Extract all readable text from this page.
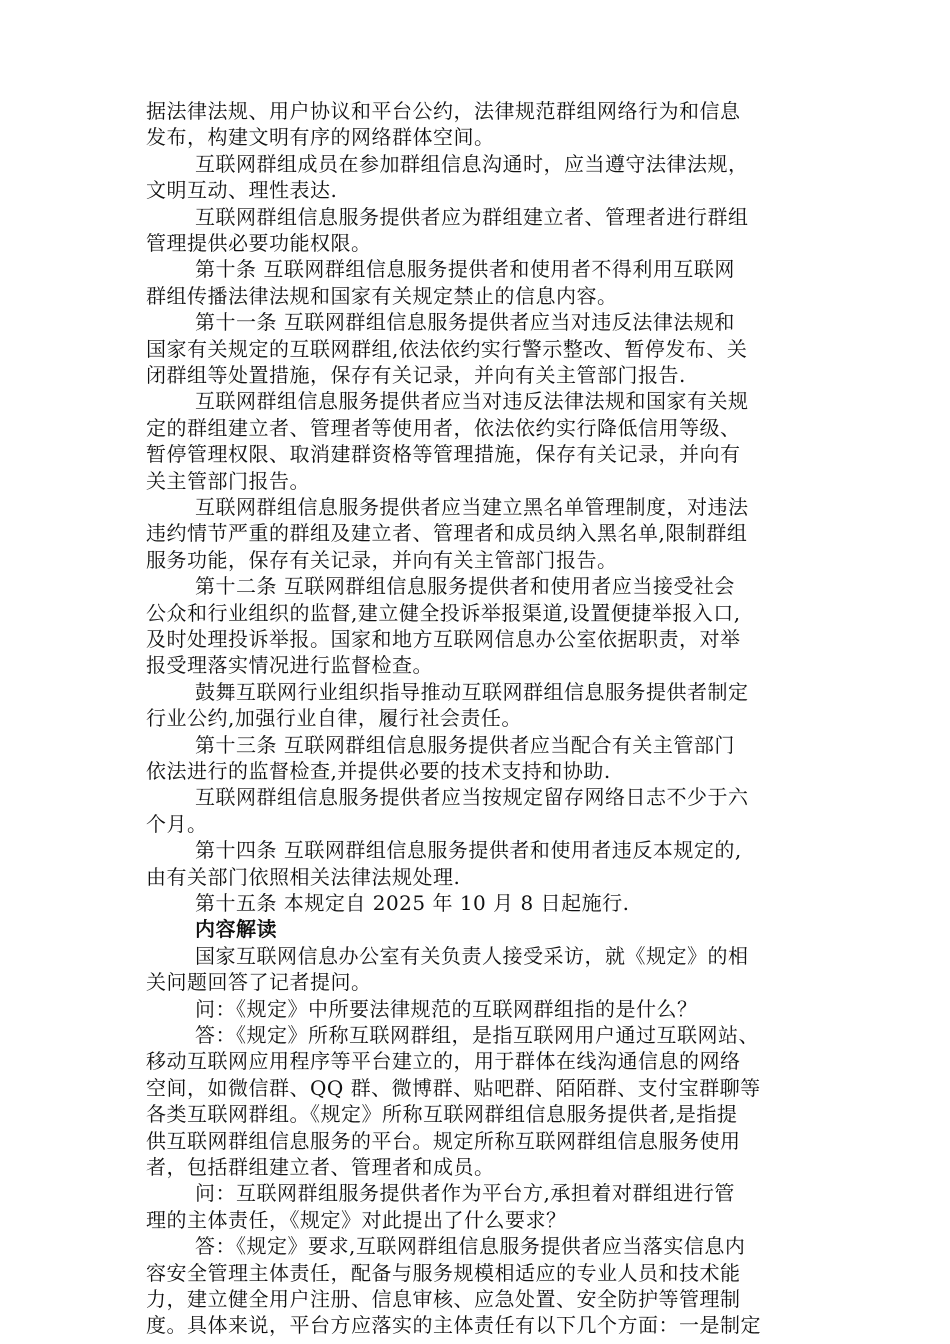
据法律法规、用户协议和平台公约，法律规范群组网络行为和信息
发布，构建文明有序的网络群体空间。
互联网群组成员在参加群组信息沟通时，应当遵守法律法规，
文明互动、理性表达.
互联网群组信息服务提供者应为群组建立者、管理者进行群组
管理提供必要功能权限。
第十条 互联网群组信息服务提供者和使用者不得利用互联网
群组传播法律法规和国家有关规定禁止的信息内容。
第十一条 互联网群组信息服务提供者应当对违反法律法规和
国家有关规定的互联网群组,依法依约实行警示整改、暂停发布、关
闭群组等处置措施，保存有关记录，并向有关主管部门报告.
互联网群组信息服务提供者应当对违反法律法规和国家有关规
定的群组建立者、管理者等使用者，依法依约实行降低信用等级、
暂停管理权限、取消建群资格等管理措施，保存有关记录，并向有
关主管部门报告。
互联网群组信息服务提供者应当建立黑名单管理制度，对违法
违约情节严重的群组及建立者、管理者和成员纳入黑名单,限制群组
服务功能，保存有关记录，并向有关主管部门报告。
第十二条 互联网群组信息服务提供者和使用者应当接受社会
公众和行业组织的监督,建立健全投诉举报渠道,设置便捷举报入口,
及时处理投诉举报。国家和地方互联网信息办公室依据职责，对举
报受理落实情况进行监督检查。
鼓舞互联网行业组织指导推动互联网群组信息服务提供者制定
行业公约,加强行业自律，履行社会责任。
第十三条 互联网群组信息服务提供者应当配合有关主管部门
依法进行的监督检查,并提供必要的技术支持和协助.
互联网群组信息服务提供者应当按规定留存网络日志不少于六
个月。
第十四条 互联网群组信息服务提供者和使用者违反本规定的,
由有关部门依照相关法律法规处理.
第十五条 本规定自 2025 年 10 月 8 日起施行.
内容解读
国家互联网信息办公室有关负责人接受采访，就《规定》的相
关问题回答了记者提问。
问：《规定》中所要法律规范的互联网群组指的是什么？
答：《规定》所称互联网群组，是指互联网用户通过互联网站、
移动互联网应用程序等平台建立的，用于群体在线沟通信息的网络
空间，如微信群、QQ 群、微博群、贴吧群、陌陌群、支付宝群聊等
各类互联网群组。《规定》所称互联网群组信息服务提供者,是指提
供互联网群组信息服务的平台。规定所称互联网群组信息服务使用
者，包括群组建立者、管理者和成员。
问：互联网群组服务提供者作为平台方,承担着对群组进行管
理的主体责任，《规定》对此提出了什么要求？
答：《规定》要求,互联网群组信息服务提供者应当落实信息内
容安全管理主体责任，配备与服务规模相适应的专业人员和技术能
力，建立健全用户注册、信息审核、应急处置、安全防护等管理制
度。具体来说，平台方应落实的主体责任有以下几个方面：一是制定
